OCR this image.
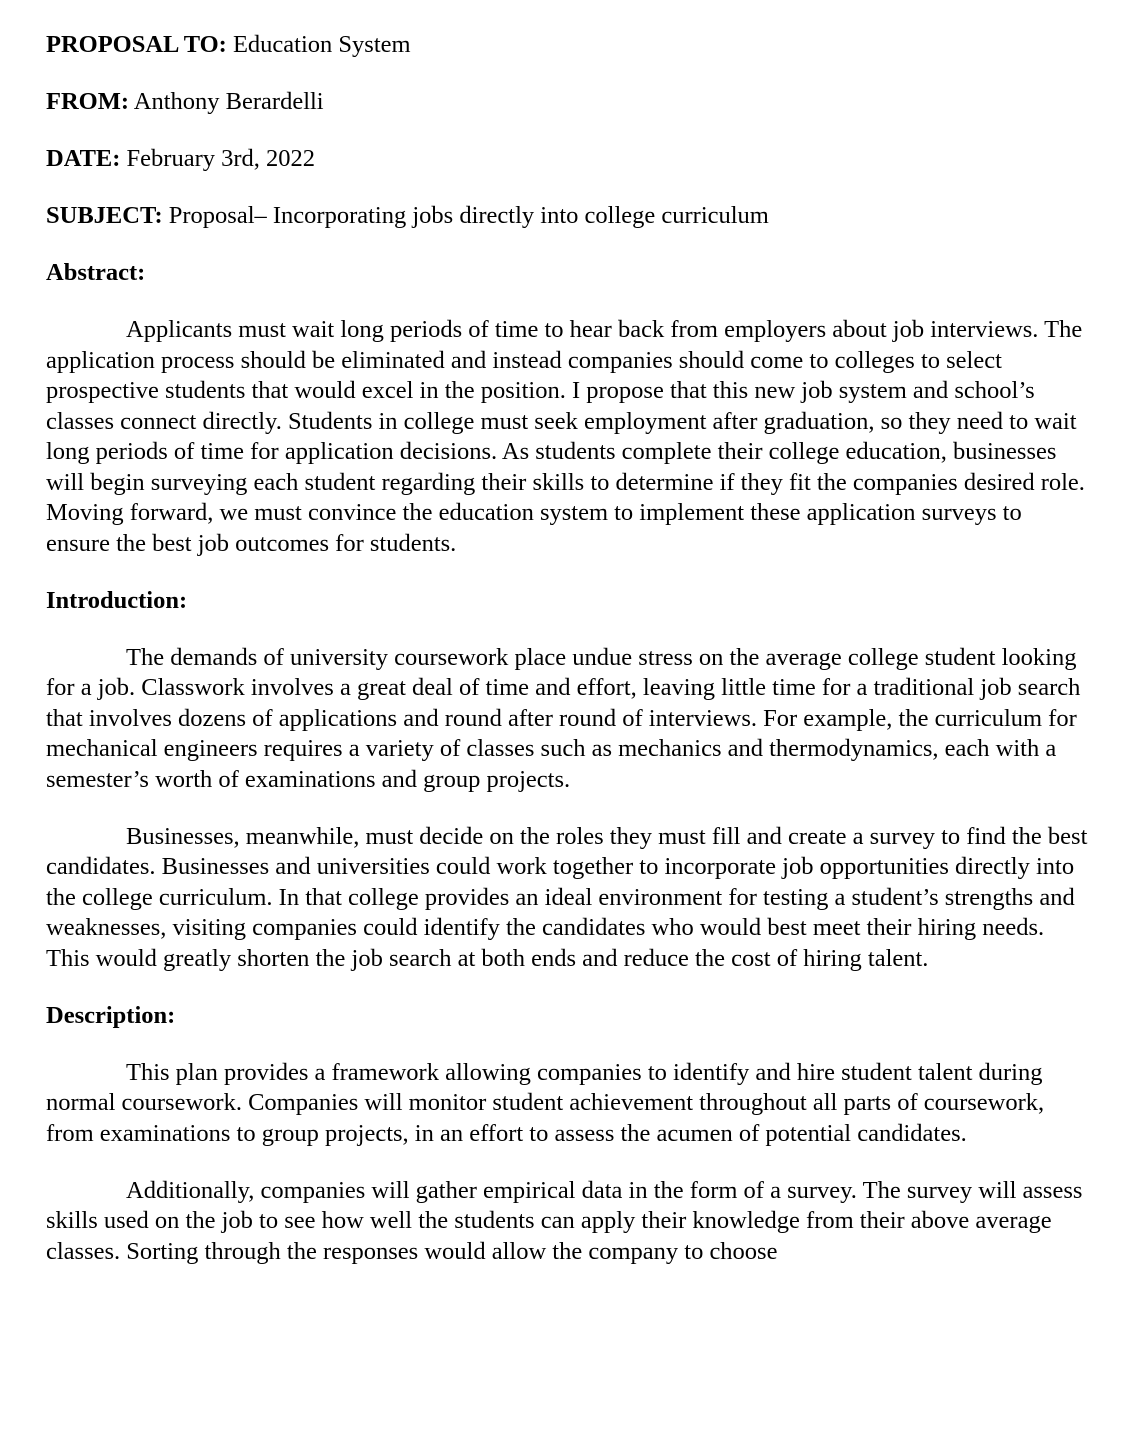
PROPOSAL TO: Education System

FROM: Anthony Berardelli

DATE: February 3rd, 2022

SUBJECT: Proposal– Incorporating jobs directly into college curriculum

Abstract:

Applicants must wait long periods of time to hear back from employers about job interviews. The application process should be eliminated and instead companies should come to colleges to select prospective students that would excel in the position. I propose that this new job system and school’s classes connect directly. Students in college must seek employment after graduation, so they need to wait long periods of time for application decisions. As students complete their college education, businesses will begin surveying each student regarding their skills to determine if they fit the companies desired role. Moving forward, we must convince the education system to implement these application surveys to ensure the best job outcomes for students.

Introduction:

The demands of university coursework place undue stress on the average college student looking for a job. Classwork involves a great deal of time and effort, leaving little time for a traditional job search that involves dozens of applications and round after round of interviews. For example, the curriculum for mechanical engineers requires a variety of classes such as mechanics and thermodynamics, each with a semester’s worth of examinations and group projects.

Businesses, meanwhile, must decide on the roles they must fill and create a survey to find the best candidates. Businesses and universities could work together to incorporate job opportunities directly into the college curriculum. In that college provides an ideal environment for testing a student’s strengths and weaknesses, visiting companies could identify the candidates who would best meet their hiring needs. This would greatly shorten the job search at both ends and reduce the cost of hiring talent.

Description:

This plan provides a framework allowing companies to identify and hire student talent during normal coursework. Companies will monitor student achievement throughout all parts of coursework, from examinations to group projects, in an effort to assess the acumen of potential candidates.

Additionally, companies will gather empirical data in the form of a survey. The survey will assess skills used on the job to see how well the students can apply their knowledge from their above average classes. Sorting through the responses would allow the company to choose
